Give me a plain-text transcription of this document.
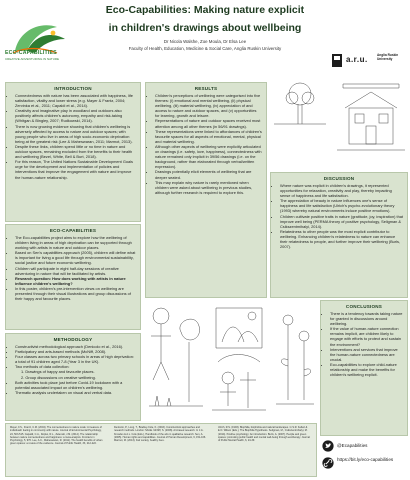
ECO-CAPABILITIES
CREATIVE ADVENTURING IN NATURE
Eco-Capabilities: Making nature explicit
in children's drawings about wellbeing
Dr Nicola Walshe, Zoe Moula, Dr Elsa Lee
Faculty of Health, Education, Medicine & Social Care, Anglia Ruskin University
a.r.u.	Anglia Ruskin University
INTRODUCTION
• Connectedness with nature has been associated with happiness, life satisfaction, vitality and lower stress (e.g. Mayer & Frantz, 2004; Zervinka et al., 2011; Capaldi et al., 2014).
• Creativity and imaginative play in woodland and outdoors also positively affects children's autonomy, empathy and risk-taking (Whitgan & Bingley, 2007; Rudkowski, 2014).
• There is now growing evidence showing that children's wellbeing is adversely affected by access to nature and outdoor spaces; with young people who live in areas of high socio-economic deprivation being at the greatest risk (Lee & Maheswaran, 2011; Marmot, 2013).
• Despite these links, children spend little or no time in nature and outdoor spaces, remaining excluded from the benefits to their health and wellbeing (Bezel, White, Bell & Burt, 2018).
• For this reason, The United Nations Sustainable Development Goals urge for the development and implementation of policies and interventions that improve the engagement with nature and improve the human-nature relationship.
ECO-CAPABILITIES
• The Eco-capabilities project aims to explore how the wellbeing of children living in areas of high deprivation can be supported through working with artists in nature and outdoor places.
• Based on Sen's capabilities approach (2005), children will define what is important for living a good life through environmental sustainability, social justice and future economic wellbeing.
• Children will participate in eight half-day sessions of creative adventuring in nature that will be facilitated by artists.
• Research question: How does working with artists in nature influence children's wellbeing?
• In this poster, children's pre-intervention views on wellbeing are presented through their visual illustrations and group discussions of their happy and favourite places.
METHODOLOGY
• Constructivist methodological approach (Denicolo et al., 2016).
• Participatory and arts-based methods (McNiff, 2008).
• Four classes across two primary schools in areas of high deprivation: a total of 91 children aged 7-8 (Year 3 in the UK).
• Two methods of data collection:
1. Drawings of happy and favourite places.
2. Group discussions on creative wellbeing.
• Both activities took place just before Covid-19 lockdown with a potential associated impact on children's wellbeing.
• Thematic analysis undertaken on visual and verbal data.
RESULTS
• Children's perceptions of wellbeing were categorised into five themes: (i) emotional and mental wellbeing, (ii) physical wellbeing, (iii) material wellbeing, (iv) appreciation of and access to nature and outdoor spaces, and (v) opportunities for learning, growth and leisure.
• Representations of nature and outdoor spaces received most attention among all other themes (in 56/91 drawings).
• These representations were linked to affordances of children's favourite spaces for all aspects of emotional, mental, physical and material wellbeing.
• Although other aspects of wellbeing were explicitly articulated on drawings (i.e. safety, love, happiness), connectedness with nature remained only implicit in 39/56 drawings (i.e. on the background, rather than elaborated through verbal/written expression).
• Drawings potentially elicit elements of wellbeing that are deeper seated.
• This may explain why nature is rarely mentioned when children were asked about wellbeing in previous studies, although further research is required to explore this.
DISCUSSION
• Where nature was explicit in children's drawings, it represented opportunities for relaxation, creativity and play, thereby impacting sense of happiness and life satisfaction.
• The appreciation of beauty in nature influences one's sense of happiness and life satisfaction (Ulrich's psycho-evolutionary theory (1993) whereby natural environments induce positive emotions).
• Children cultivate positive traits in nature (gratitude, joy, inspiration) that improve well being (PERMA theory of positive psychology, Seligman & Csikszentmihalyi, 2014).
• Relatedness to other people was the most explicit contributor to wellbeing. Enhancing children's relatedness to nature can enhance their relatedness to people, and further improve their wellbeing (Burls, 2007).
CONCLUSIONS
• There is a tendency towards taking nature for granted in discussions around wellbeing.
• If the value of human-nature connection remains implicit, are children likely to engage with efforts to protect and sustain the environment?
• Interventions and services that improve the human-nature connectedness are crucial.
• Eco-capabilities to explore child-nature relationship and make the benefits for children's wellbeing explicit.
Mayer, F.S., Frantz, C.M. (2004). The connectedness to nature scale: A measure of individuals' feeling in community with nature. Journal of Environmental Psychology, 24, 503-515. Capaldi, C.A., Dopko, R.L., Zelenski, J.M. (2014). The relationship between nature connectedness and happiness: a meta-analysis. Frontiers in Psychology, 5, 976. Lee, A.C., Maheswaran, R. (2011). The health benefits of urban green spaces: a review of the evidence. Journal of Public Health, 33, 212-222.
Denicolo, P., Long, T., Bradley-Cole, K. (2016). Constructivist approaches and research methods. London: SAGE. McNiff, S. (2008). Art-based research. In J.G. Knowles & A.L. Cole (Eds.), Handbook of the arts in qualitative research. Sen, A. (2005). Human rights and capabilities. Journal of Human Development, 6, 151-166. Marmot, M. (2013). Fair society, healthy lives.
Ulrich, R.S. (1993). Biophilia, biophobia and natural landscapes. In S.R. Kellert & E.O. Wilson (Eds.), The Biophilia Hypothesis. Seligman, M., Csikszentmihalyi, M. (2014). Positive psychology: An introduction. Burls, A. (2007). People and green spaces: promoting public health and mental well-being through ecotherapy. Journal of Public Mental Health, 6, 24-39.
@Ecapabilities
https://bit.ly/eco-capabilities
